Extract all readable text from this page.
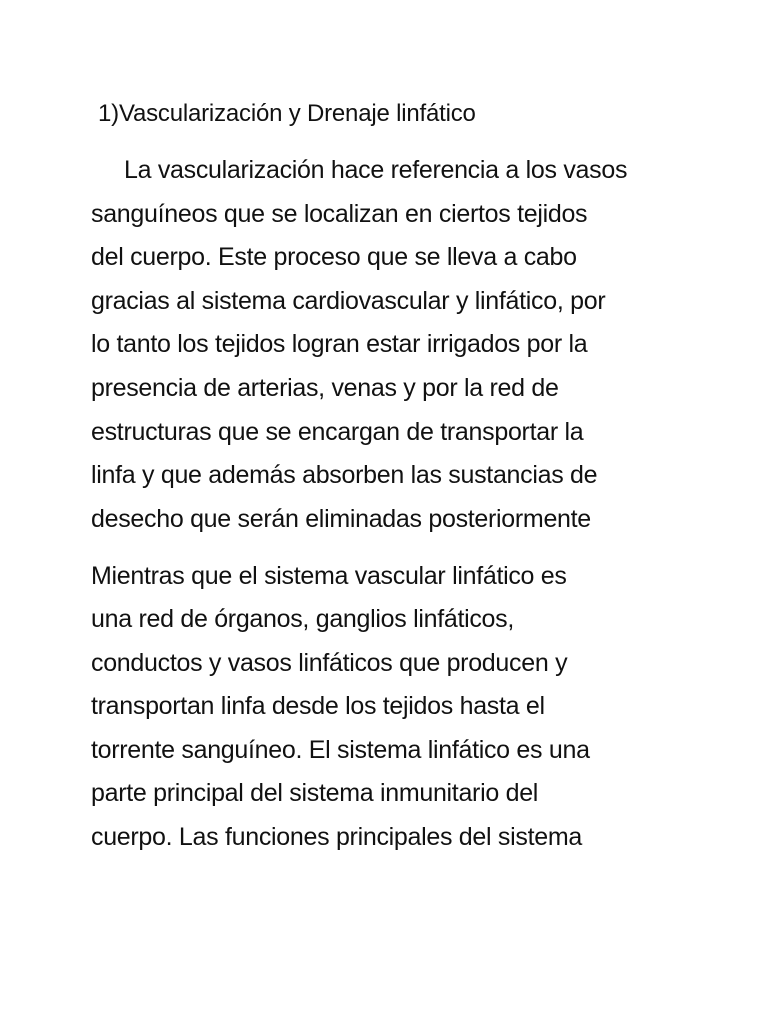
1)Vascularización y Drenaje linfático

La vascularización hace referencia a los vasos

sanguíneos que se localizan en ciertos tejidos

del cuerpo. Este proceso que se lleva a cabo

gracias al sistema cardiovascular y linfático, por

lo tanto los tejidos logran estar irrigados por la

presencia de arterias, venas y por la red de

estructuras que se encargan de transportar la

linfa y que además absorben las sustancias de

desecho que serán eliminadas posteriormente

Mientras que el sistema vascular linfático es

una red de órganos, ganglios linfáticos,

conductos y vasos linfáticos que producen y

transportan linfa desde los tejidos hasta el

torrente sanguíneo. El sistema linfático es una

parte principal del sistema inmunitario del

cuerpo. Las funciones principales del sistema
